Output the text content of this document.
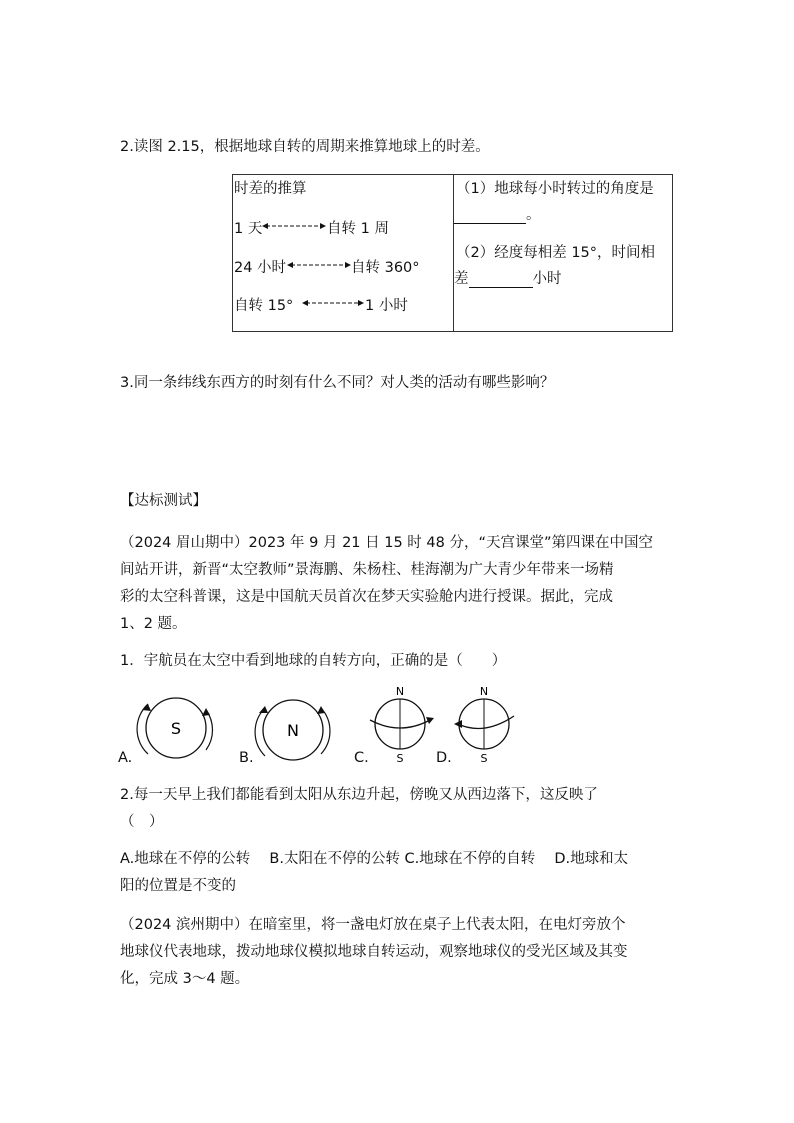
2.读图 2.15，根据地球自转的周期来推算地球上的时差。
时差的推算
1 天	自转 1 周
24 小时	自转 360°
自转 15°	1 小时

（1）地球每小时转过的角度是
。
（2）经度每相差 15°，时间相
差	小时
3.同一条纬线东西方的时刻有什么不同？对人类的活动有哪些影响？
【达标测试】
（2024 眉山期中）2023 年 9 月 21 日 15 时 48 分，“天宫课堂”第四课在中国空
间站开讲，新晋“太空教师”景海鹏、朱杨柱、桂海潮为广大青少年带来一场精
彩的太空科普课，这是中国航天员首次在梦天实验舱内进行授课。据此，完成
1、2 题。
1．宇航员在太空中看到地球的自转方向，正确的是（　　）
S	N
N
S
N
S
A.	B.	C.	D.
2.每一天早上我们都能看到太阳从东边升起，傍晚又从西边落下，这反映了
（　）
A.地球在不停的公转　 B.太阳在不停的公转 C.地球在不停的自转　 D.地球和太
阳的位置是不变的
（2024 滨州期中）在暗室里，将一盏电灯放在桌子上代表太阳，在电灯旁放个
地球仪代表地球，拨动地球仪模拟地球自转运动，观察地球仪的受光区域及其变
化，完成 3～4 题。
